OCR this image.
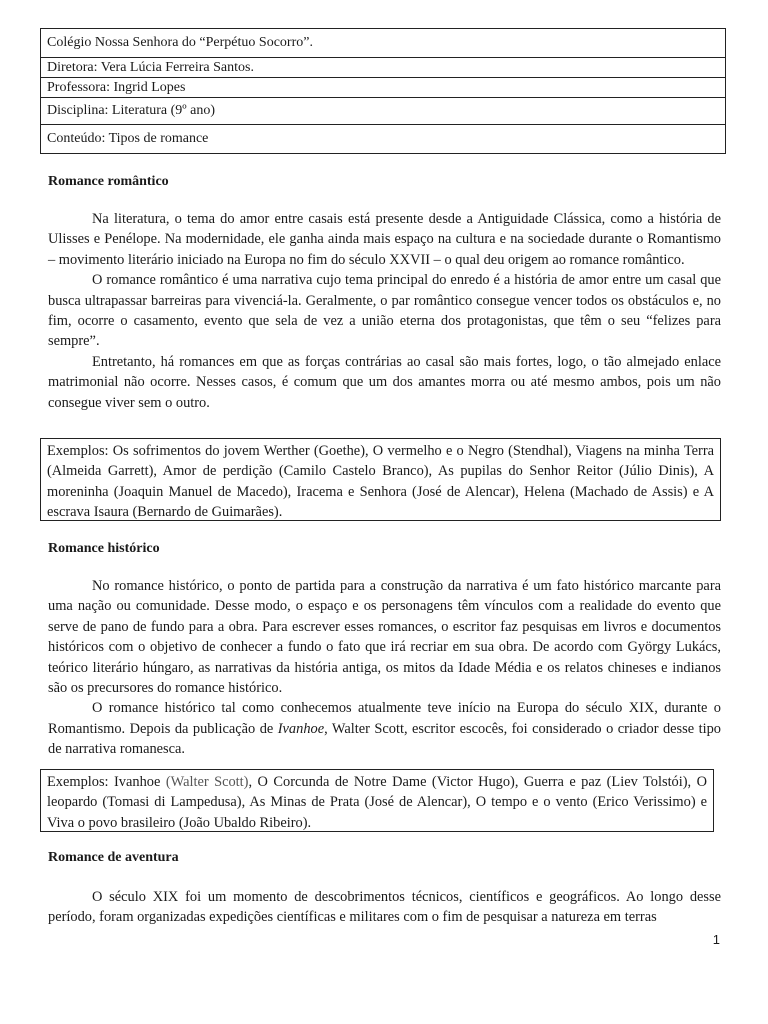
Colégio Nossa Senhora do “Perpétuo Socorro”.
Diretora: Vera Lúcia Ferreira Santos.
Professora: Ingrid Lopes
Disciplina: Literatura (9º ano)
Conteúdo: Tipos de romance
Romance romântico

Na literatura, o tema do amor entre casais está presente desde a Antiguidade Clássica, como a história de Ulisses e Penélope. Na modernidade, ele ganha ainda mais espaço na cultura e na sociedade durante o Romantismo – movimento literário iniciado na Europa no fim do século XXVII – o qual deu origem ao romance romântico.

O romance romântico é uma narrativa cujo tema principal do enredo é a história de amor entre um casal que busca ultrapassar barreiras para vivenciá-la. Geralmente, o par romântico consegue vencer todos os obstáculos e, no fim, ocorre o casamento, evento que sela de vez a união eterna dos protagonistas, que têm o seu “felizes para sempre”.

Entretanto, há romances em que as forças contrárias ao casal são mais fortes, logo, o tão almejado enlace matrimonial não ocorre. Nesses casos, é comum que um dos amantes morra ou até mesmo ambos, pois um não consegue viver sem o outro.

Exemplos: Os sofrimentos do jovem Werther (Goethe), O vermelho e o Negro (Stendhal), Viagens na minha Terra (Almeida Garrett), Amor de perdição (Camilo Castelo Branco), As pupilas do Senhor Reitor (Júlio Dinis), A moreninha (Joaquin Manuel de Macedo), Iracema e Senhora (José de Alencar), Helena (Machado de Assis) e A escrava Isaura (Bernardo de Guimarães).
Romance histórico

No romance histórico, o ponto de partida para a construção da narrativa é um fato histórico marcante para uma nação ou comunidade. Desse modo, o espaço e os personagens têm vínculos com a realidade do evento que serve de pano de fundo para a obra. Para escrever esses romances, o escritor faz pesquisas em livros e documentos históricos com o objetivo de conhecer a fundo o fato que irá recriar em sua obra. De acordo com György Lukács, teórico literário húngaro, as narrativas da história antiga, os mitos da Idade Média e os relatos chineses e indianos são os precursores do romance histórico.

O romance histórico tal como conhecemos atualmente teve início na Europa do século XIX, durante o Romantismo. Depois da publicação de Ivanhoe, Walter Scott, escritor escocês, foi considerado o criador desse tipo de narrativa romanesca.

Exemplos: Ivanhoe (Walter Scott), O Corcunda de Notre Dame (Victor Hugo), Guerra e paz (Liev Tolstói), O leopardo (Tomasi di Lampedusa), As Minas de Prata (José de Alencar), O tempo e o vento (Erico Verissimo) e Viva o povo brasileiro (João Ubaldo Ribeiro).
Romance de aventura

O século XIX foi um momento de descobrimentos técnicos, científicos e geográficos. Ao longo desse período, foram organizadas expedições científicas e militares com o fim de pesquisar a natureza em terras

1
